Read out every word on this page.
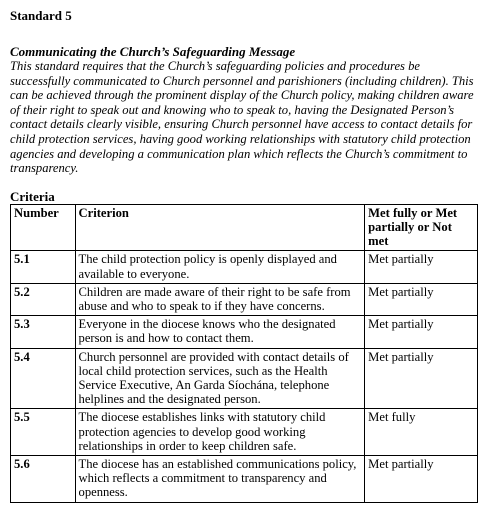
Standard 5

Communicating the Church’s Safeguarding Message

This standard requires that the Church’s safeguarding policies and procedures be successfully communicated to Church personnel and parishioners (including children). This can be achieved through the prominent display of the Church policy, making children aware of their right to speak out and knowing who to speak to, having the Designated Person’s contact details clearly visible, ensuring Church personnel have access to contact details for child protection services, having good working relationships with statutory child protection agencies and developing a communication plan which reflects the Church’s commitment to transparency.

Criteria

Number	Criterion	Met fully or Met partially or Not met
5.1	The child protection policy is openly displayed and available to everyone.	Met partially
5.2	Children are made aware of their right to be safe from abuse and who to speak to if they have concerns.	Met partially
5.3	Everyone in the diocese knows who the designated person is and how to contact them.	Met partially
5.4	Church personnel are provided with contact details of local child protection services, such as the Health Service Executive, An Garda Síochána, telephone helplines and the designated person.	Met partially
5.5	The diocese establishes links with statutory child protection agencies to develop good working relationships in order to keep children safe.	Met fully
5.6	The diocese has an established communications policy, which reflects a commitment to transparency and openness.	Met partially
